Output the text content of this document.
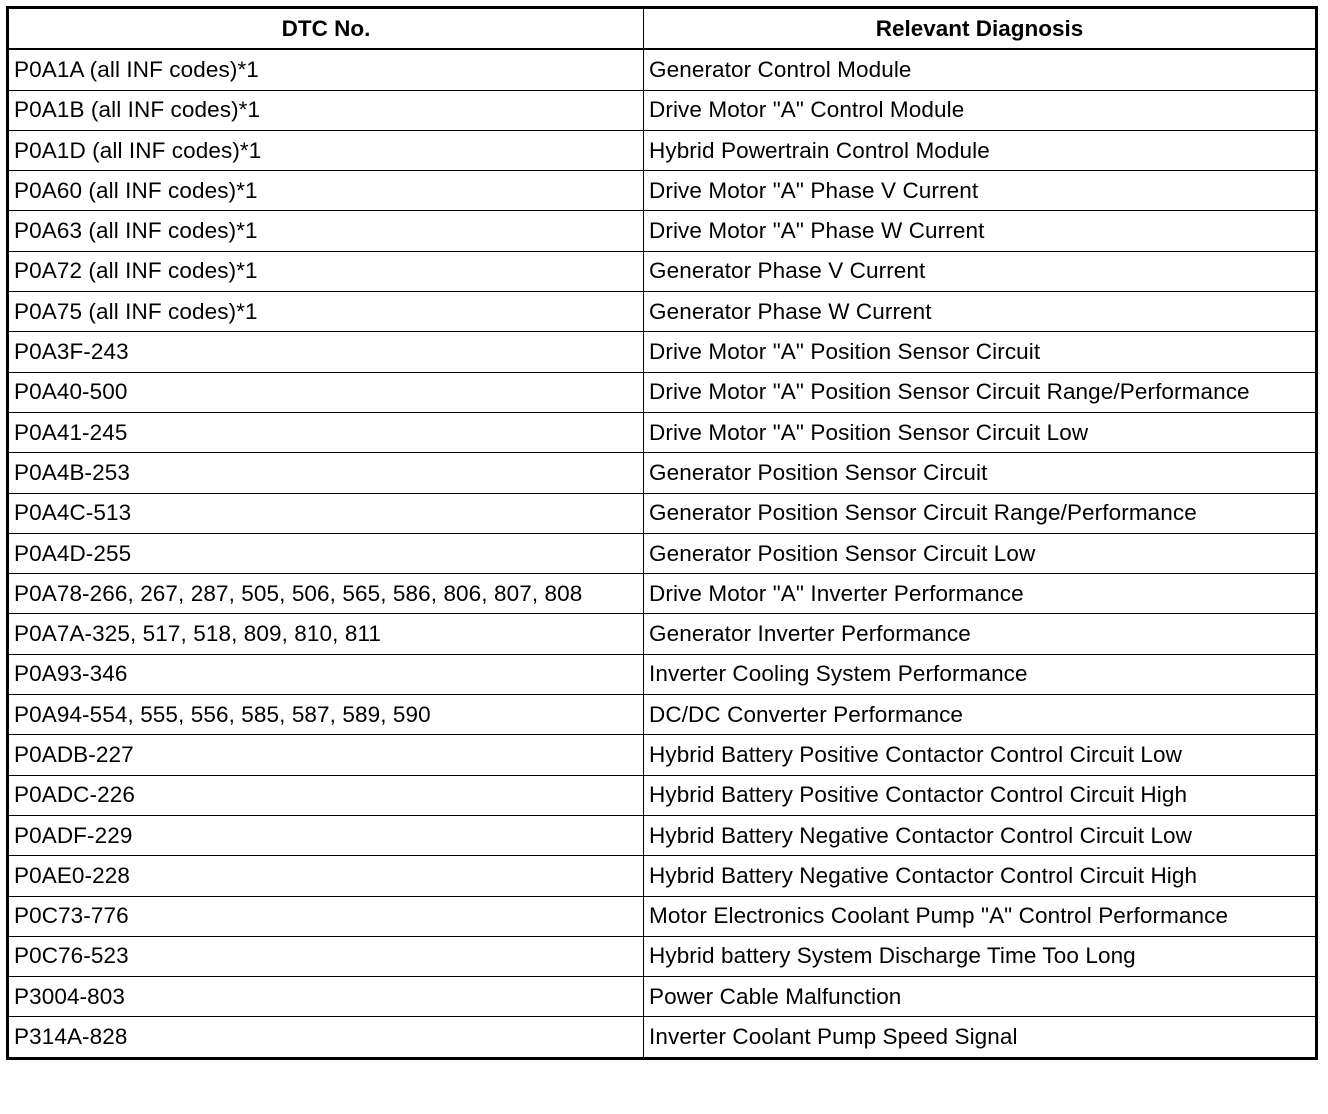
DTC No.	Relevant Diagnosis
P0A1A (all INF codes)*1	Generator Control Module
P0A1B (all INF codes)*1	Drive Motor "A" Control Module
P0A1D (all INF codes)*1	Hybrid Powertrain Control Module
P0A60 (all INF codes)*1	Drive Motor "A" Phase V Current
P0A63 (all INF codes)*1	Drive Motor "A" Phase W Current
P0A72 (all INF codes)*1	Generator Phase V Current
P0A75 (all INF codes)*1	Generator Phase W Current
P0A3F-243	Drive Motor "A" Position Sensor Circuit
P0A40-500	Drive Motor "A" Position Sensor Circuit Range/Performance
P0A41-245	Drive Motor "A" Position Sensor Circuit Low
P0A4B-253	Generator Position Sensor Circuit
P0A4C-513	Generator Position Sensor Circuit Range/Performance
P0A4D-255	Generator Position Sensor Circuit Low
P0A78-266, 267, 287, 505, 506, 565, 586, 806, 807, 808	Drive Motor "A" Inverter Performance
P0A7A-325, 517, 518, 809, 810, 811	Generator Inverter Performance
P0A93-346	Inverter Cooling System Performance
P0A94-554, 555, 556, 585, 587, 589, 590	DC/DC Converter Performance
P0ADB-227	Hybrid Battery Positive Contactor Control Circuit Low
P0ADC-226	Hybrid Battery Positive Contactor Control Circuit High
P0ADF-229	Hybrid Battery Negative Contactor Control Circuit Low
P0AE0-228	Hybrid Battery Negative Contactor Control Circuit High
P0C73-776	Motor Electronics Coolant Pump "A" Control Performance
P0C76-523	Hybrid battery System Discharge Time Too Long
P3004-803	Power Cable Malfunction
P314A-828	Inverter Coolant Pump Speed Signal
